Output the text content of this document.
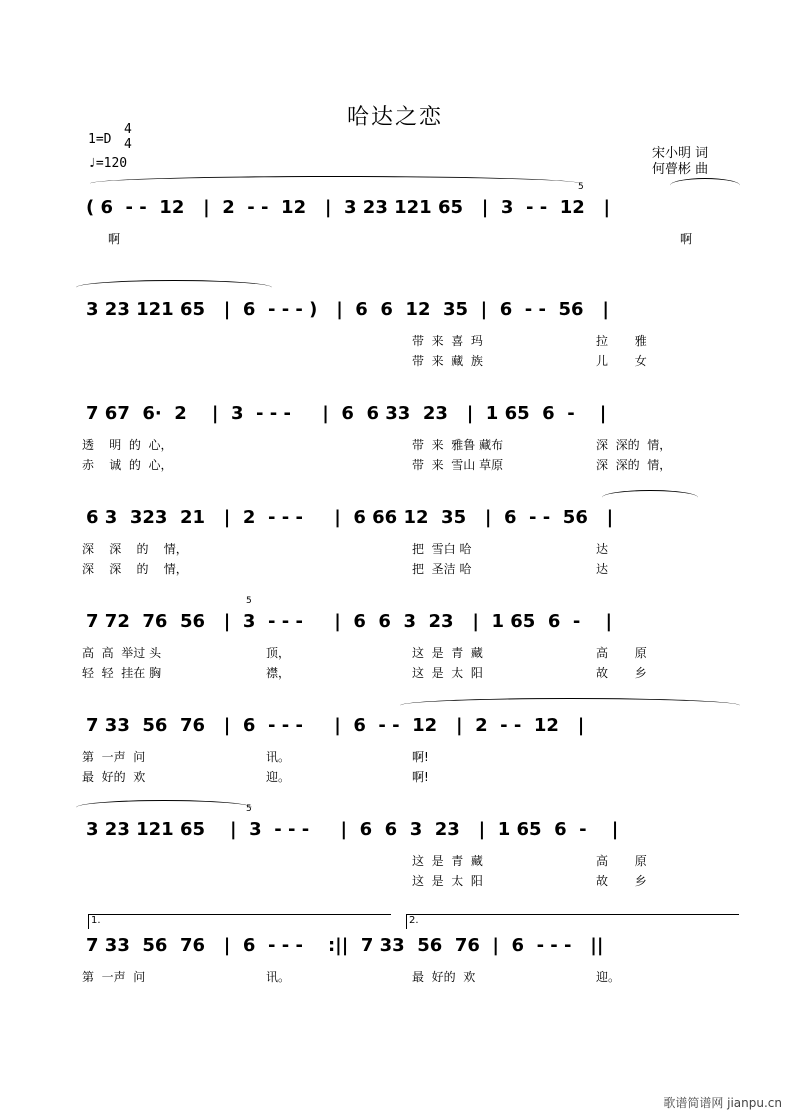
哈达之恋
1=D
4
4
♩=120
宋小明 词
何瞢彬 曲
( 6  - -  12   |  2  - -  12   |  3 23 121 65   |  3  - -  12   |
啊	啊
5
3 23 121 65   |  6  - - - )   |  6  6  12  35  |  6  - -  56   |
带  来  喜  玛	拉       雅
带  来  藏  族	儿       女
7 67  6·  2    |  3  - - -     |  6  6 33  23   |  1 65  6  -    |
透    明  的  心，	带  来  雅鲁 藏布	深  深的  情，
赤    诚  的  心，	带  来  雪山 草原	深  深的  情，
6 3  323  21   |  2  - - -     |  6 66 12  35   |  6  - -  56   |
深    深    的    情，	把  雪白 哈	达
深    深    的    情，	把  圣洁 哈	达
7 72  76  56   |  3  - - -     |  6  6  3  23   |  1 65  6  -    |
5
高  高  举过 头	顶，	这  是  青  藏	高       原
轻  轻  挂在 胸	襟，	这  是  太  阳	故       乡
7 33  56  76   |  6  - - -     |  6  - -  12   |  2  - -  12   |
第  一声  问	讯。	啊!
最  好的  欢	迎。	啊!
3 23 121 65    |  3  - - -     |  6  6  3  23   |  1 65  6  -    |
5
这  是  青  藏	高       原
这  是  太  阳	故       乡
1.	2.
7 33  56  76   |  6  - - -    :||  7 33  56  76  |  6  - - -   ||
第  一声  问	讯。	最  好的  欢	迎。
歌谱简谱网 jianpu.cn
